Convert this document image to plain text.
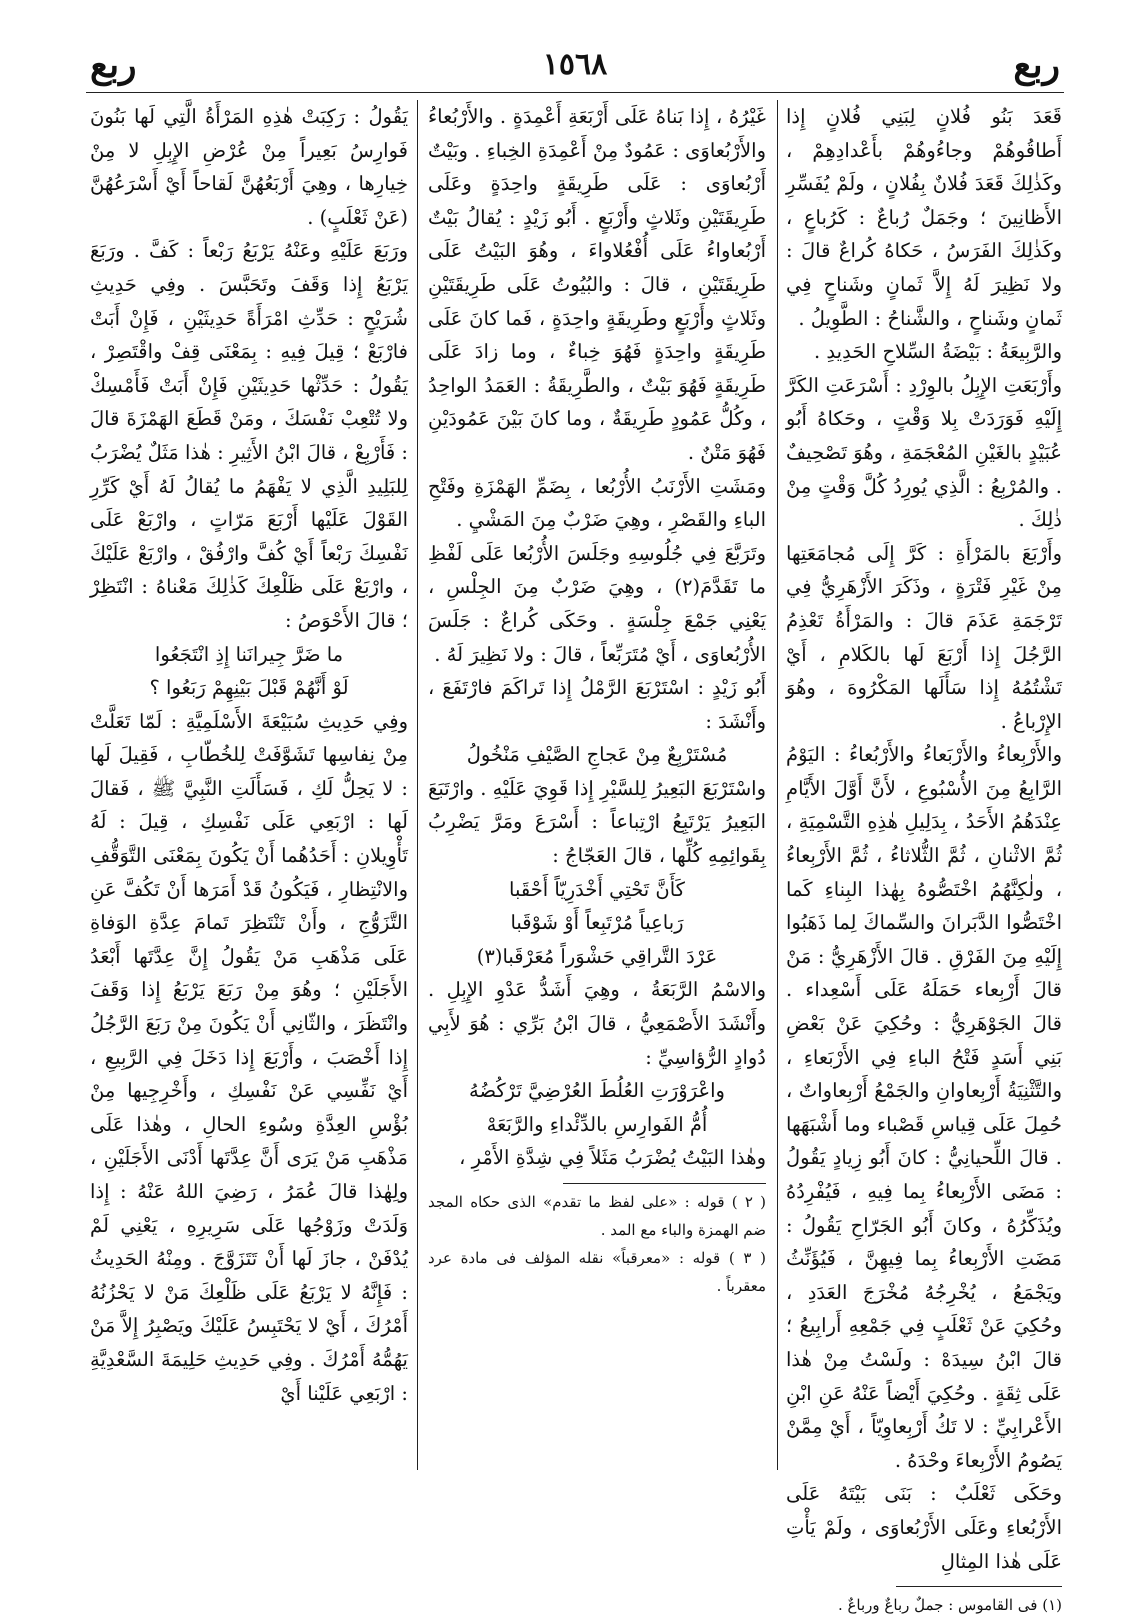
ربع
١٥٦٨
ربع

قَعَدَ بَنُو فُلانٍ لِبَنِي فُلانٍ إِذا أَطاقُوهُمْ وجاءُوهُمْ بأَعْدادِهِمْ ، وكَذٰلِكَ قَعَدَ فُلانٌ بِفُلانٍ ، ولَمْ يُفَسِّرِ الأَظانِينَ ؛ وجَمَلٌ رُباعٌ : كَرُباعٍ ، وكَذٰلِكَ الفَرَسُ ، حَكاهُ كُراعٌ قالَ : ولا نَظِيرَ لَهُ إِلاَّ ثَمانٍ وشَناحٍ فِي ثَمانٍ وشَناحٍ ، والشَّناحُ : الطَّوِيلُ .

والرَّبِيعَةُ : بَيْضَةُ السِّلاحِ الحَدِيدِ .

وأَرْبَعَتِ الإِبِلُ بالوِرْدِ : أَسْرَعَتِ الكَرَّ إِلَيْهِ فَوَرَدَتْ بِلا وَقْتٍ ، وحَكاهُ أَبُو عُبَيْدٍ بالغَيْنِ المُعْجَمَةِ ، وهُوَ تَصْحِيفٌ . والمُرْبِعُ : الَّذِي يُورِدُ كُلَّ وَقْتٍ مِنْ ذٰلِكَ .

وأَرْبَعَ بالمَرْأَةِ : كَرَّ إِلَى مُجامَعَتِها مِنْ غَيْرِ فَتْرَةٍ ، وذَكَرَ الأَزْهَرِيُّ فِي تَرْجَمَةِ عَذَمَ قالَ : والمَرْأَةُ تَعْذِمُ الرَّجُلَ إِذا أَرْبَعَ لَها بالكَلامِ ، أَيْ تَشْتُمُهُ إِذا سَأَلَها المَكْرُوهَ ، وهُوَ الإِرْباعُ .

والأَرْبِعاءُ والأَرْبَعاءُ والأَرْبُعاءُ : اليَوْمُ الرَّابِعُ مِنَ الأُسْبُوعِ ، لأَنَّ أَوَّلَ الأَيَّامِ عِنْدَهُمُ الأَحَدُ ، بِدَلِيلِ هٰذِهِ التَّسْمِيَةِ ، ثُمَّ الاثْنانِ ، ثُمَّ الثُّلاثاءُ ، ثُمَّ الأَرْبِعاءُ ، ولٰكِنَّهُمُ اخْتَصُّوهُ بِهٰذا البِناءِ كَما اخْتَصُّوا الدَّبَرانَ والسِّماكَ لِما ذَهَبُوا إِلَيْهِ مِنَ الفَرْقِ . قالَ الأَزْهَرِيُّ : مَنْ قالَ أَرْبِعاء حَمَلَهُ عَلَى أَسْعِداء . قالَ الجَوْهَرِيُّ : وحُكِيَ عَنْ بَعْضِ بَنِي أَسَدٍ فَتْحُ الباءِ فِي الأَرْبَعاءِ ، والتَّثْنِيَةُ أَرْبِعاوانِ والجَمْعُ أَرْبِعاواتٌ ، حُمِلَ عَلَى قِياسِ قَصْباء وما أَشْبَهَها . قالَ اللِّحيانِيُّ : كانَ أَبُو زِيادٍ يَقُولُ : مَضَى الأَرْبِعاءُ بِما فِيهِ ، فَيُفْرِدُهُ ويُذَكِّرُهُ ، وكانَ أَبُو الجَرّاحِ يَقُولُ : مَضَتِ الأَرْبِعاءُ بِما فِيهِنَّ ، فَيُؤَنِّثُ ويَجْمَعُ ، يُخْرِجُهُ مُخْرَجَ العَدَدِ ، وحُكِيَ عَنْ ثَعْلَبٍ فِي جَمْعِهِ أَرابِيعُ ؛ قالَ ابْنُ سِيدَهْ : ولَسْتُ مِنْ هٰذا عَلَى ثِقَةٍ . وحُكِيَ أَيْضاً عَنْهُ عَنِ ابْنِ الأَعْرابِيِّ : لا تَكُ أَرْبِعاوِيّاً ، أَيْ مِمَّنْ يَصُومُ الأَرْبِعاءَ وحْدَهُ .

وحَكَى ثَعْلَبٌ : بَنَى بَيْتَهُ عَلَى الأَرْبُعاءِ وعَلَى الأَرْبُعاوَى ، ولَمْ يَأْتِ عَلَى هٰذا المِثالِ

(١) فى القاموس : جملٌ رباعٌ ورباعٌ .

غَيْرُهُ ، إِذا بَناهُ عَلَى أَرْبَعَةِ أَعْمِدَةٍ . والأَرْبُعاءُ والأَرْبُعاوَى : عَمُودٌ مِنْ أَعْمِدَةِ الخِباءِ . وبَيْتٌ أَرْبُعاوَى : عَلَى طَرِيقَةٍ واحِدَةٍ وعَلَى طَرِيقَتَيْنِ وثَلاثٍ وأَرْبَعٍ . أَبُو زَيْدٍ : يُقالُ بَيْتٌ أَرْبُعاواءُ عَلَى أُفْعُلاواءَ ، وهُوَ البَيْتُ عَلَى طَرِيقَتَيْنِ ، قالَ : والبُيُوتُ عَلَى طَرِيقَتَيْنِ وثَلاثٍ وأَرْبَعٍ وطَرِيقَةٍ واحِدَةٍ ، فَما كانَ عَلَى طَرِيقَةٍ واحِدَةٍ فَهُوَ خِباءٌ ، وما زادَ عَلَى طَرِيقَةٍ فَهُوَ بَيْتٌ ، والطَّرِيقَةُ : العَمَدُ الواحِدُ ، وكُلُّ عَمُودٍ طَرِيقَةٌ ، وما كانَ بَيْنَ عَمُودَيْنِ فَهُوَ مَتْنٌ .

ومَشَتِ الأَرْنَبُ الأُرْبُعا ، بِضَمِّ الهَمْزَةِ وفَتْحِ الباءِ والقَصْرِ ، وهِيَ ضَرْبٌ مِنَ المَشْيِ .

وتَرَبَّعَ فِي جُلُوسِهِ وجَلَسَ الأُرْبُعا عَلَى لَفْظِ ما تَقَدَّمَ(٢) ، وهِيَ ضَرْبٌ مِنَ الجِلْسِ ، يَعْنِي جَمْعَ جِلْسَةٍ . وحَكَى كُراعٌ : جَلَسَ الأُرْبُعاوَى ، أَيْ مُتَرَبِّعاً ، قالَ : ولا نَظِيرَ لَهُ .

أَبُو زَيْدٍ : اسْتَرْبَعَ الرَّمْلُ إِذا تَراكَمَ فارْتَفَعَ ، وأَنْشَدَ :

مُسْتَرْبِعٌ مِنْ عَجاجِ الصَّيْفِ مَنْخُولُ

واسْتَرْبَعَ البَعِيرُ لِلسَّيْرِ إِذا قَوِيَ عَلَيْهِ . وارْتَبَعَ البَعِيرُ يَرْتَبِعُ ارْتِباعاً : أَسْرَعَ ومَرَّ يَضْرِبُ بِقَوائِمِهِ كُلِّها ، قالَ العَجّاجُ :

كَأَنَّ تَحْتِي أَخْدَرِيّاً أَحْقَبا

رَباعِياً مُرْتَبِعاً أَوْ شَوْقَبا

عَرْدَ التَّراقِي حَشْوَراً مُعَرْقَبا(٣)

والاسْمُ الرَّبَعَةُ ، وهِيَ أَشَدُّ عَدْوِ الإِبِلِ . وأَنْشَدَ الأَصْمَعِيُّ ، قالَ ابْنُ بَرِّي : هُوَ لأَبِي دُوادٍ الرُّؤاسِيِّ :

واعْرَوْرَتِ العُلُطَ العُرْضِيَّ تَرْكُضُهُ

أُمُّ الفَوارِسِ بالدِّئْداءِ والرَّبَعَهْ

وهٰذا البَيْتُ يُضْرَبُ مَثَلاً فِي شِدَّةِ الأَمْرِ ،

( ٢ ) قوله : «على لفظ ما تقدم» الذى حكاه المجد ضم الهمزة والباء مع المد .

( ٣ ) قوله : «معرقباً» نقله المؤلف فى مادة عرد معقرباً .

يَقُولُ : رَكِبَتْ هٰذِهِ المَرْأَةُ الَّتِي لَها بَنُونَ فَوارِسُ بَعِيراً مِنْ عُرْضِ الإِبِلِ لا مِنْ خِيارِها ، وهِيَ أَرْبَعُهُنَّ لَقاحاً أَيْ أَسْرَعُهُنَّ (عَنْ ثَعْلَبٍ) .

ورَبَعَ عَلَيْهِ وعَنْهُ يَرْبَعُ رَبْعاً : كَفَّ . ورَبَعَ يَرْبَعُ إِذا وَقَفَ وتَحَبَّسَ . وفِي حَدِيثِ شُرَيْحٍ : حَدِّثِ امْرَأَةً حَدِيثَيْنِ ، فَإِنْ أَبَتْ فارْبَعْ ؛ قِيلَ فِيهِ : بِمَعْنَى قِفْ واقْتَصِرْ ، يَقُولُ : حَدِّثْها حَدِيثَيْنِ فَإِنْ أَبَتْ فَأَمْسِكْ ولا تُتْعِبْ نَفْسَكَ ، ومَنْ قَطَعَ الهَمْزَةَ قالَ : فَأَرْبِعْ ، قالَ ابْنُ الأَثِيرِ : هٰذا مَثَلٌ يُضْرَبُ لِلبَلِيدِ الَّذِي لا يَفْهَمُ ما يُقالُ لَهُ أَيْ كَرِّرِ القَوْلَ عَلَيْها أَرْبَعَ مَرّاتٍ ، وارْبَعْ عَلَى نَفْسِكَ رَبْعاً أَيْ كُفَّ وارْفُقْ ، وارْبَعْ عَلَيْكَ ، وارْبَعْ عَلَى ظَلْعِكَ كَذٰلِكَ مَعْناهُ : انْتَظِرْ ؛ قالَ الأَحْوَصُ :

ما ضَرَّ جِيرانَنا إِذِ انْتَجَعُوا

لَوْ أَنَّهُمْ قَبْلَ بَيْنِهِمْ رَبَعُوا ؟

وفِي حَدِيثِ سُبَيْعَةَ الأَسْلَمِيَّةِ : لَمّا تَعَلَّتْ مِنْ نِفاسِها تَشَوَّفَتْ لِلخُطّابِ ، فَقِيلَ لَها : لا يَحِلُّ لَكِ ، فَسَأَلَتِ النَّبِيَّ ﷺ ، فَقالَ لَها : ارْبَعِي عَلَى نَفْسِكِ ، قِيلَ : لَهُ تَأْوِيلانِ : أَحَدُهُما أَنْ يَكُونَ بِمَعْنَى التَّوَقُّفِ والانْتِظارِ ، فَيَكُونُ قَدْ أَمَرَها أَنْ تَكُفَّ عَنِ التَّزَوُّجِ ، وأَنْ تَنْتَظِرَ تَمامَ عِدَّةِ الوَفاةِ عَلَى مَذْهَبِ مَنْ يَقُولُ إِنَّ عِدَّتَها أَبْعَدُ الأَجَلَيْنِ ؛ وهُوَ مِنْ رَبَعَ يَرْبَعُ إِذا وَقَفَ وانْتَظَرَ ، والثّانِي أَنْ يَكُونَ مِنْ رَبَعَ الرَّجُلُ إِذا أَخْصَبَ ، وأَرْبَعَ إِذا دَخَلَ فِي الرَّبِيعِ ، أَيْ نَفِّسِي عَنْ نَفْسِكِ ، وأَخْرِجِيها مِنْ بُؤْسِ العِدَّةِ وسُوءِ الحالِ ، وهٰذا عَلَى مَذْهَبِ مَنْ يَرَى أَنَّ عِدَّتَها أَدْنَى الأَجَلَيْنِ ، ولِهٰذا قالَ عُمَرُ ، رَضِيَ اللهُ عَنْهُ : إِذا وَلَدَتْ وزَوْجُها عَلَى سَرِيرِهِ ، يَعْنِي لَمْ يُدْفَنْ ، جازَ لَها أَنْ تَتَزَوَّجَ . ومِنْهُ الحَدِيثُ : فَإِنَّهُ لا يَرْبَعُ عَلَى ظَلْعِكَ مَنْ لا يَحْزُنُهُ أَمْرُكَ ، أَيْ لا يَحْتَبِسُ عَلَيْكَ ويَصْبِرُ إِلاَّ مَنْ يَهُمُّهُ أَمْرُكَ . وفِي حَدِيثِ حَلِيمَةَ السَّعْدِيَّةِ : ارْبَعِي عَلَيْنا أَيْ
